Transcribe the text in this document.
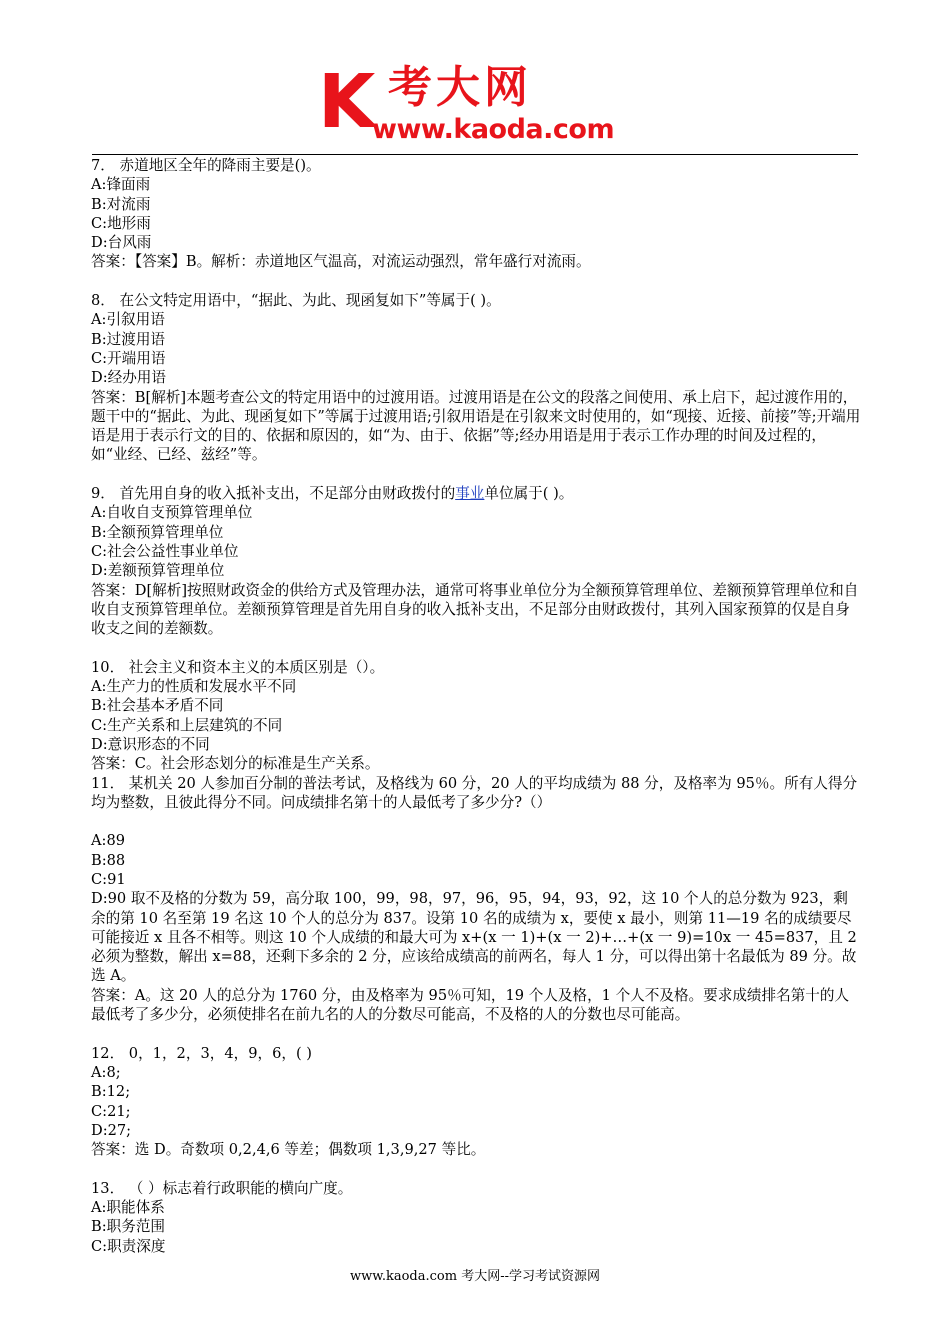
K 考大网
www.kaoda.com

7． 赤道地区全年的降雨主要是()。

A:锋面雨

B:对流雨

C:地形雨

D:台风雨

答案：【答案】B。解析：赤道地区气温高，对流运动强烈，常年盛行对流雨。

8． 在公文特定用语中，“据此、为此、现函复如下”等属于( )。

A:引叙用语

B:过渡用语

C:开端用语

D:经办用语

答案：B[解析]本题考查公文的特定用语中的过渡用语。过渡用语是在公文的段落之间使用、承上启下，起过渡作用的，题干中的“据此、为此、现函复如下”等属于过渡用语;引叙用语是在引叙来文时使用的，如“现接、近接、前接”等;开端用语是用于表示行文的目的、依据和原因的，如“为、由于、依据”等;经办用语是用于表示工作办理的时间及过程的，如“业经、已经、兹经”等。

9． 首先用自身的收入抵补支出，不足部分由财政拨付的事业单位属于( )。

A:自收自支预算管理单位

B:全额预算管理单位

C:社会公益性事业单位

D:差额预算管理单位

答案：D[解析]按照财政资金的供给方式及管理办法，通常可将事业单位分为全额预算管理单位、差额预算管理单位和自收自支预算管理单位。差额预算管理是首先用自身的收入抵补支出，不足部分由财政拨付，其列入国家预算的仅是自身收支之间的差额数。

10． 社会主义和资本主义的本质区别是（）。

A:生产力的性质和发展水平不同

B:社会基本矛盾不同

C:生产关系和上层建筑的不同

D:意识形态的不同

答案：C。社会形态划分的标准是生产关系。

11． 某机关 20 人参加百分制的普法考试，及格线为 60 分，20 人的平均成绩为 88 分，及格率为 95％。所有人得分均为整数，且彼此得分不同。问成绩排名第十的人最低考了多少分?（）

A:89

B:88

C:91

D:90 取不及格的分数为 59，高分取 100，99，98，97，96，95，94，93，92，这 10 个人的总分数为 923，剩余的第 10 名至第 19 名这 10 个人的总分为 837。设第 10 名的成绩为 x，要使 x 最小，则第 11—19 名的成绩要尽可能接近 x 且各不相等。则这 10 个人成绩的和最大可为 x+(x 一 1)+(x 一 2)+…+(x 一 9)=10x 一 45=837，且 2 必须为整数，解出 x=88，还剩下多余的 2 分，应该给成绩高的前两名，每人 1 分，可以得出第十名最低为 89 分。故选 A。

答案：A。这 20 人的总分为 1760 分，由及格率为 95％可知，19 个人及格，1 个人不及格。要求成绩排名第十的人最低考了多少分，必须使排名在前九名的人的分数尽可能高，不及格的人的分数也尽可能高。

12． 0，1，2，3，4，9，6，( )

A:8;

B:12;

C:21;

D:27;

答案：选 D。奇数项 0,2,4,6 等差；偶数项 1,3,9,27 等比。

13． （ ）标志着行政职能的横向广度。

A:职能体系

B:职务范围

C:职责深度

www.kaoda.com 考大网--学习考试资源网
